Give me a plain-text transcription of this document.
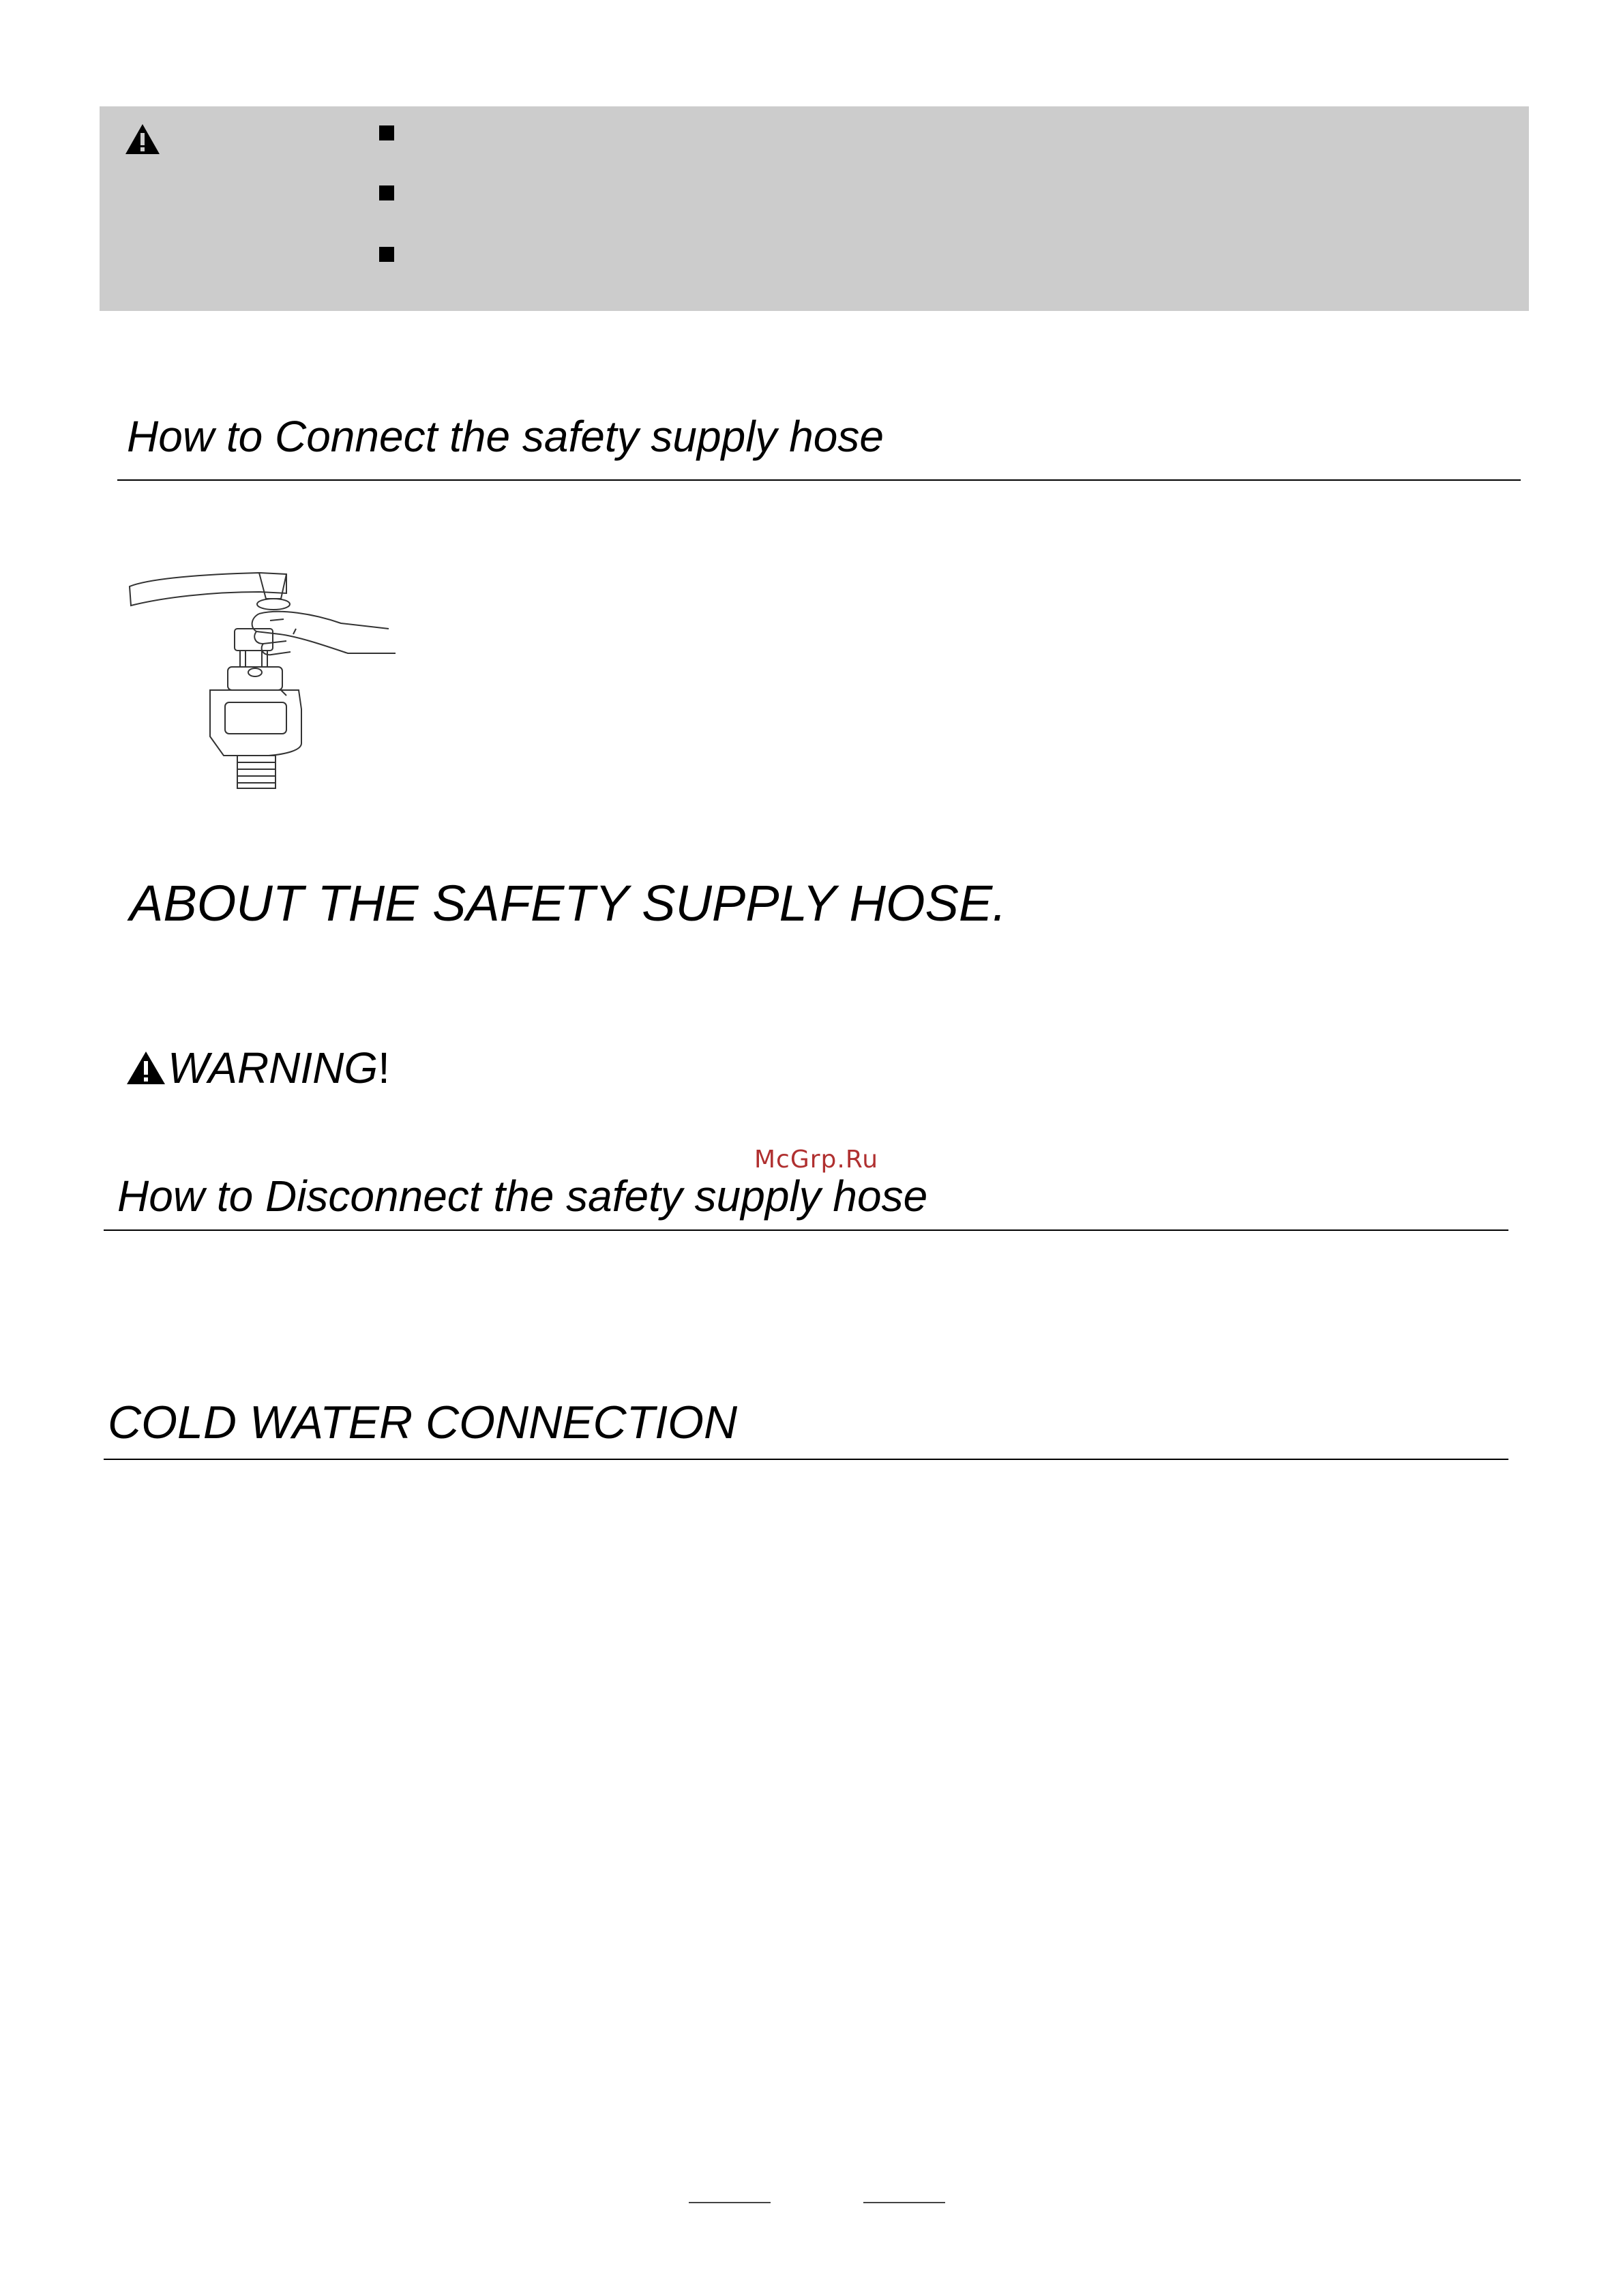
How to Connect the safety supply hose
ABOUT THE SAFETY SUPPLY HOSE.
WARNING!
McGrp.Ru
How to Disconnect the safety supply hose
COLD WATER CONNECTION
